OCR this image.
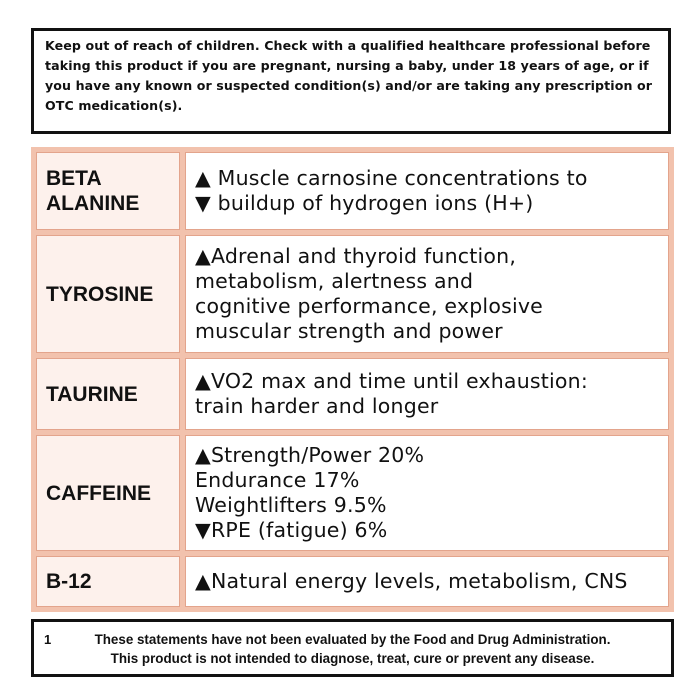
Keep out of reach of children. Check with a qualified healthcare professional before taking this product if you are pregnant, nursing a baby, under 18 years of age, or if you have any known or suspected condition(s) and/or are taking any prescription or OTC medication(s).
BETA
ALANINE	▲ Muscle carnosine concentrations to
▼ buildup of hydrogen ions (H+)

TYROSINE	▲Adrenal and thyroid function,
metabolism, alertness and
cognitive performance, explosive
muscular strength and power

TAURINE	▲VO2 max and time until exhaustion:
train harder and longer

CAFFEINE	▲Strength/Power 20%
Endurance 17%
Weightlifters 9.5%
▼RPE (fatigue) 6%

B-12	▲Natural energy levels, metabolism, CNS
1	These statements have not been evaluated by the Food and Drug Administration.
This product is not intended to diagnose, treat, cure or prevent any disease.
